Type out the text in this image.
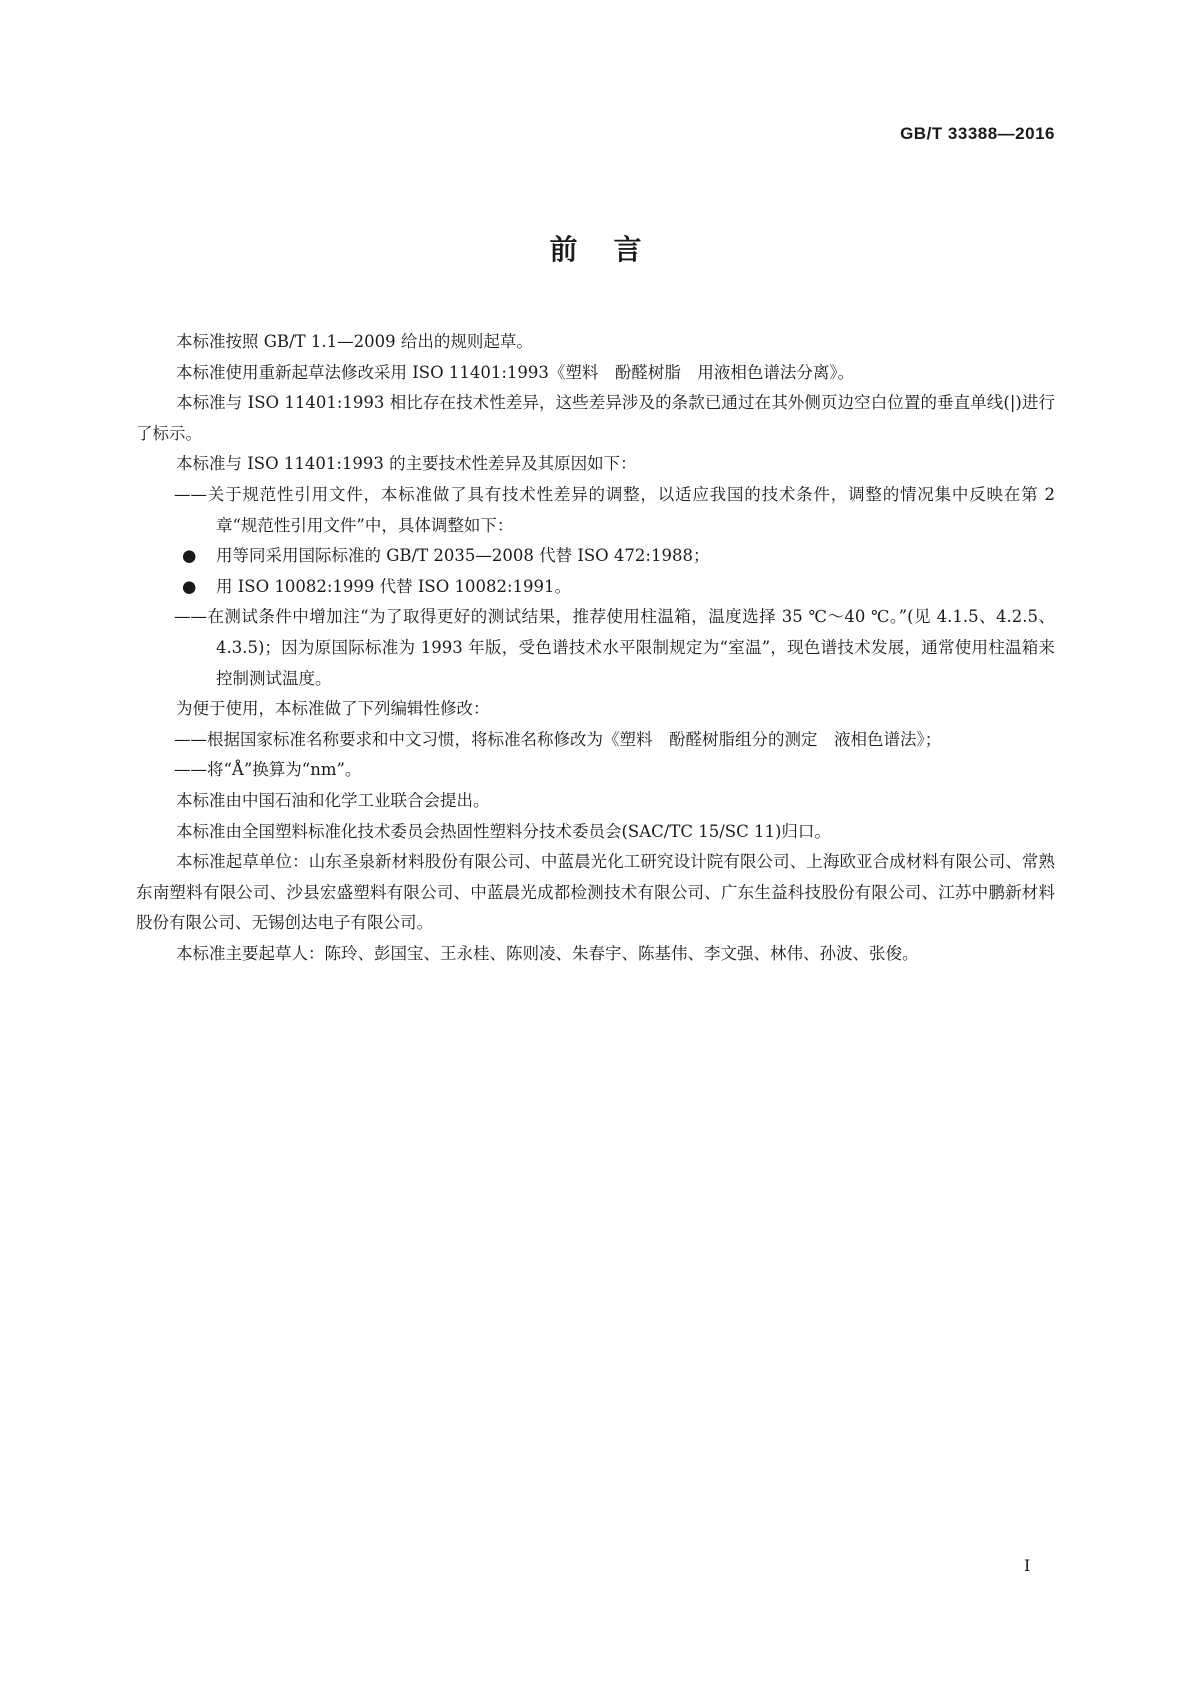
GB/T 33388—2016
前言

本标准按照 GB/T 1.1—2009 给出的规则起草。

本标准使用重新起草法修改采用 ISO 11401:1993《塑料　酚醛树脂　用液相色谱法分离》。

本标准与 ISO 11401:1993 相比存在技术性差异，这些差异涉及的条款已通过在其外侧页边空白位置的垂直单线(|)进行了标示。

本标准与 ISO 11401:1993 的主要技术性差异及其原因如下：

——关于规范性引用文件，本标准做了具有技术性差异的调整，以适应我国的技术条件，调整的情况集中反映在第 2 章“规范性引用文件”中，具体调整如下：

● 用等同采用国际标准的 GB/T 2035—2008 代替 ISO 472:1988；
● 用 ISO 10082:1999 代替 ISO 10082:1991。

——在测试条件中增加注“为了取得更好的测试结果，推荐使用柱温箱，温度选择 35 ℃～40 ℃。”(见 4.1.5、4.2.5、4.3.5)；因为原国际标准为 1993 年版，受色谱技术水平限制规定为“室温”，现色谱技术发展，通常使用柱温箱来控制测试温度。

为便于使用，本标准做了下列编辑性修改：

——根据国家标准名称要求和中文习惯，将标准名称修改为《塑料　酚醛树脂组分的测定　液相色谱法》；

——将“Å”换算为“nm”。

本标准由中国石油和化学工业联合会提出。

本标准由全国塑料标准化技术委员会热固性塑料分技术委员会(SAC/TC 15/SC 11)归口。

本标准起草单位：山东圣泉新材料股份有限公司、中蓝晨光化工研究设计院有限公司、上海欧亚合成材料有限公司、常熟东南塑料有限公司、沙县宏盛塑料有限公司、中蓝晨光成都检测技术有限公司、广东生益科技股份有限公司、江苏中鹏新材料股份有限公司、无锡创达电子有限公司。

本标准主要起草人：陈玲、彭国宝、王永桂、陈则凌、朱春宇、陈基伟、李文强、林伟、孙波、张俊。

I
